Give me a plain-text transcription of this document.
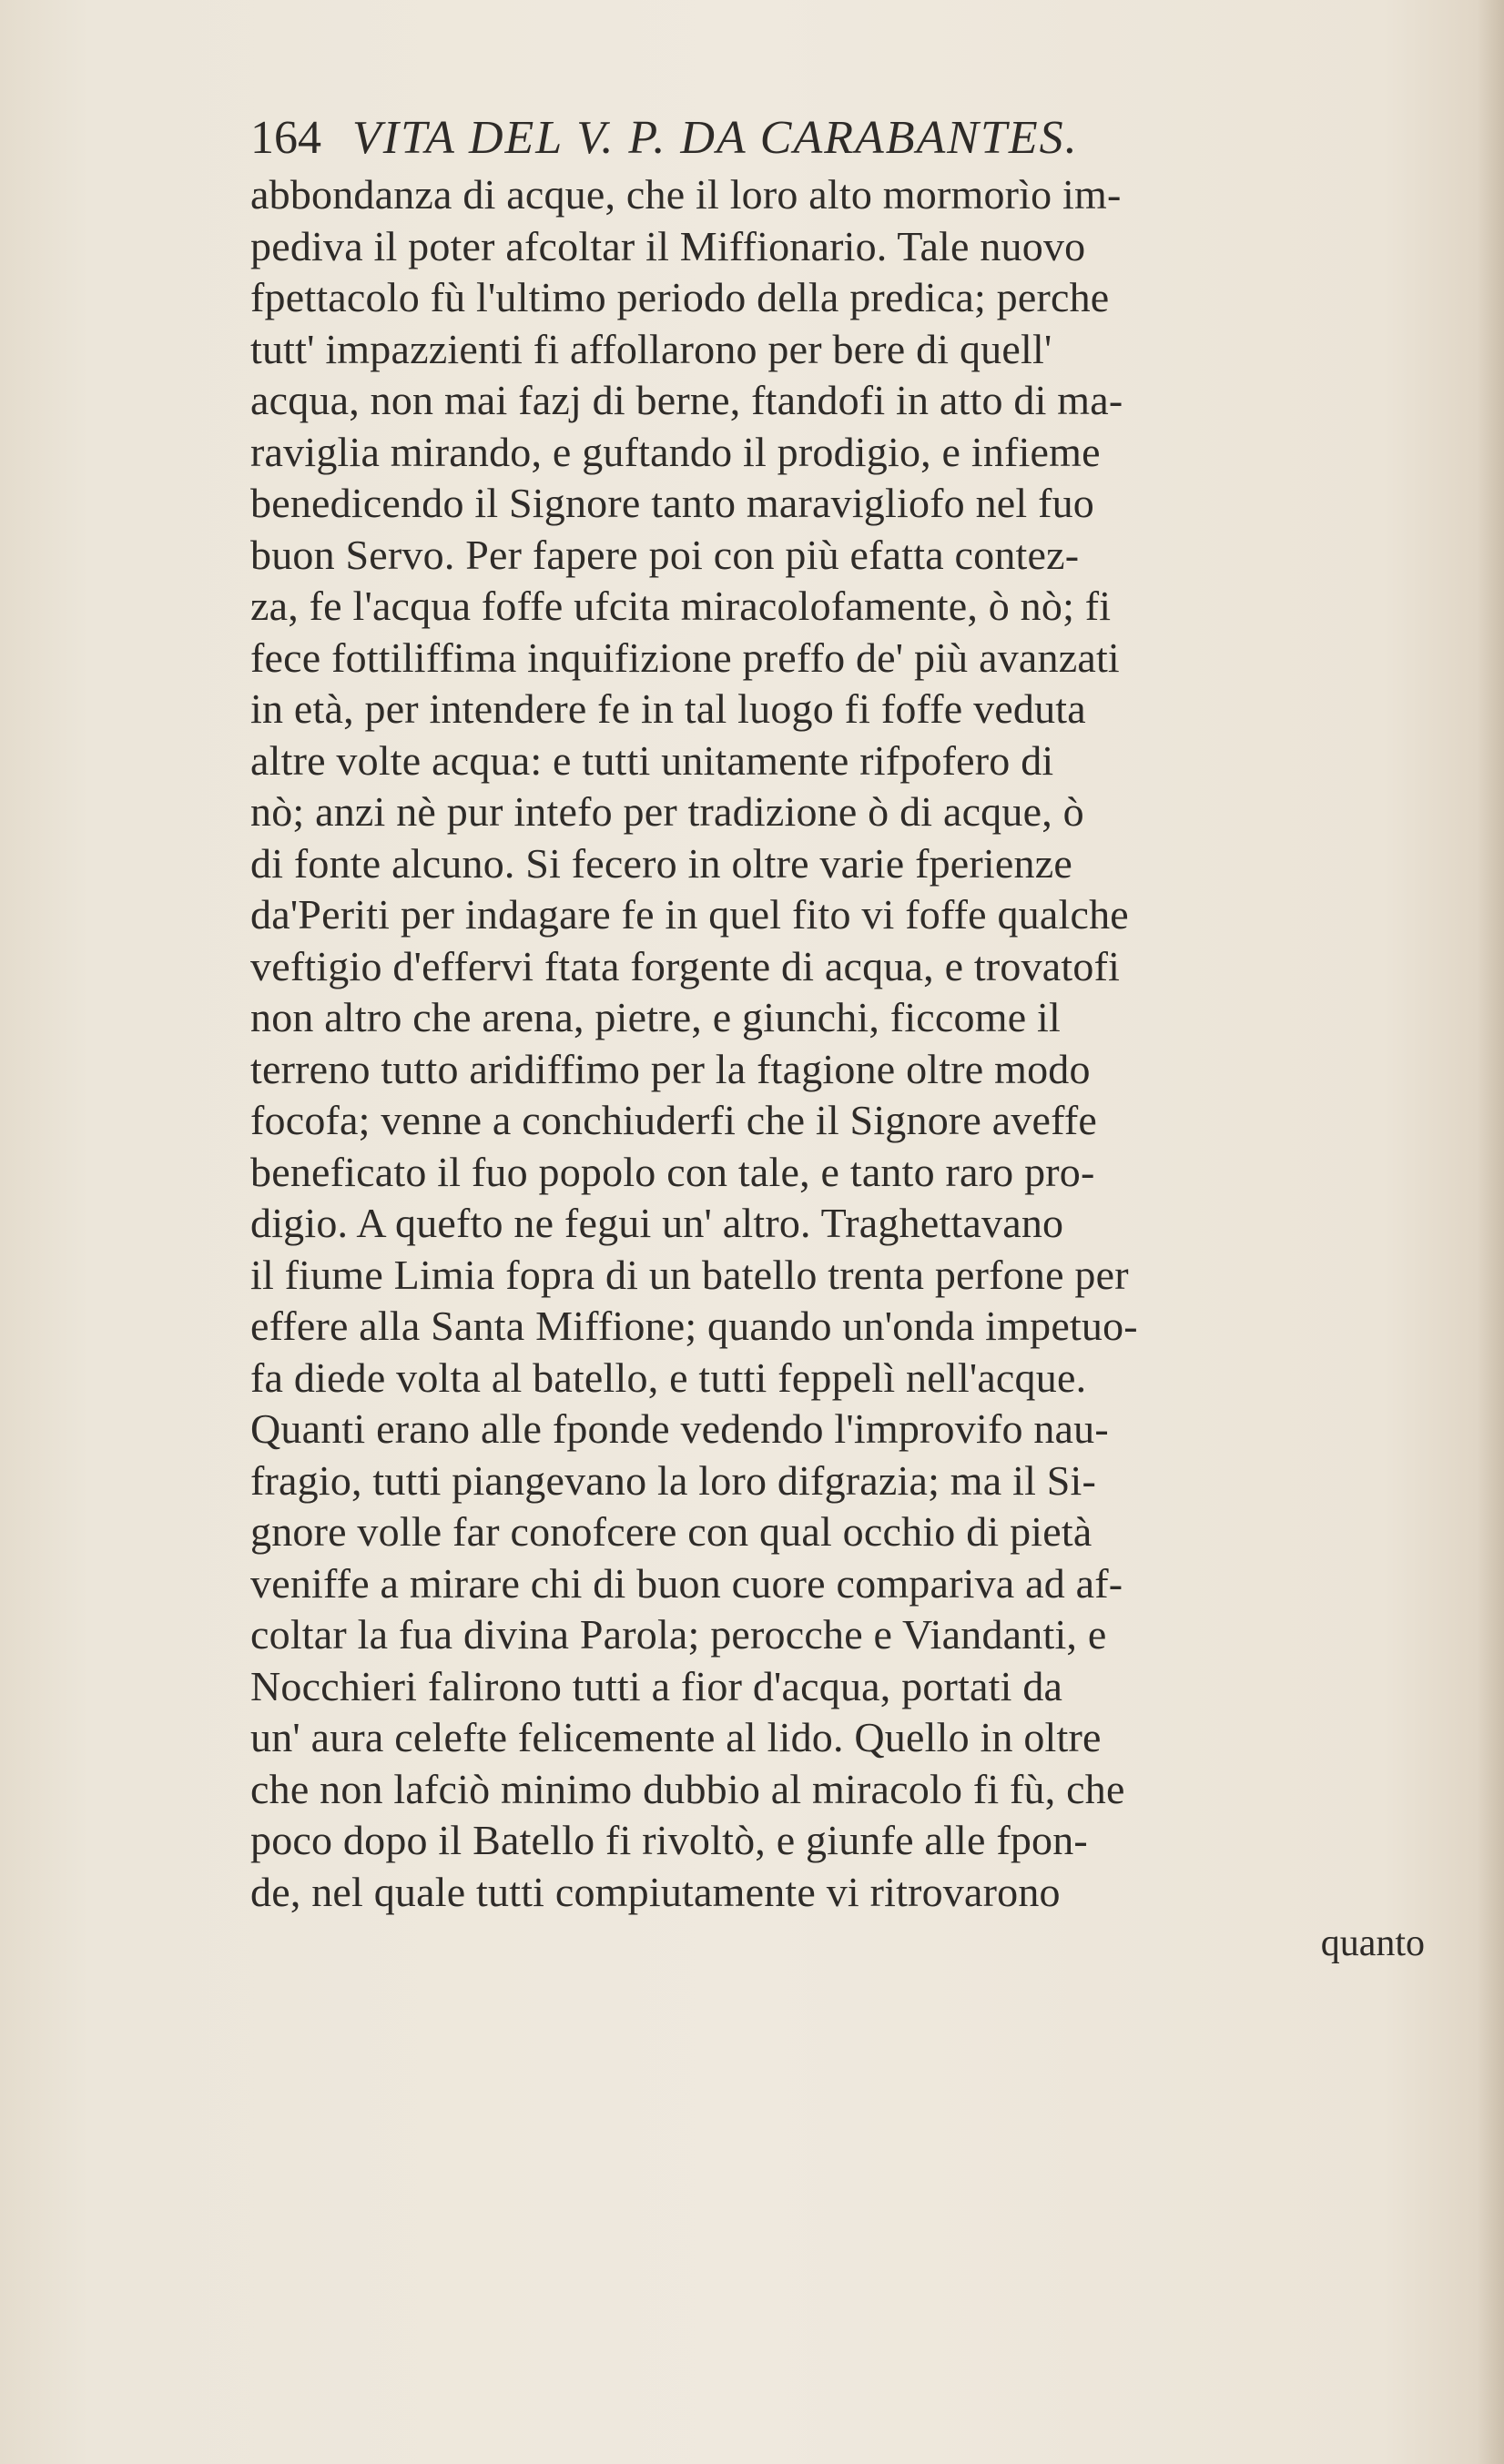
164 VITA DEL V. P. DA CARABANTES.
abbondanza di acque, che il loro alto mormorìo im-
pediva il poter afcoltar il Miffionario. Tale nuovo
fpettacolo fù l'ultimo periodo della predica; perche
tutt' impazzienti fi affollarono per bere di quell'
acqua, non mai fazj di berne, ftandofi in atto di ma-
raviglia mirando, e guftando il prodigio, e infieme
benedicendo il Signore tanto maravigliofo nel fuo
buon Servo. Per fapere poi con più efatta contez-
za, fe l'acqua foffe ufcita miracolofamente, ò nò; fi
fece fottiliffima inquifizione preffo de' più avanzati
in età, per intendere fe in tal luogo fi foffe veduta
altre volte acqua: e tutti unitamente rifpofero di
nò; anzi nè pur intefo per tradizione ò di acque, ò
di fonte alcuno. Si fecero in oltre varie fperienze
da'Periti per indagare fe in quel fito vi foffe qualche
veftigio d'effervi ftata forgente di acqua, e trovatofi
non altro che arena, pietre, e giunchi, ficcome il
terreno tutto aridiffimo per la ftagione oltre modo
focofa; venne a conchiuderfi che il Signore aveffe
beneficato il fuo popolo con tale, e tanto raro pro-
digio. A quefto ne fegui un' altro. Traghettavano
il fiume Limia fopra di un batello trenta perfone per
effere alla Santa Miffione; quando un'onda impetuo-
fa diede volta al batello, e tutti feppelì nell'acque.
Quanti erano alle fponde vedendo l'improvifo nau-
fragio, tutti piangevano la loro difgrazia; ma il Si-
gnore volle far conofcere con qual occhio di pietà
veniffe a mirare chi di buon cuore compariva ad af-
coltar la fua divina Parola; perocche e Viandanti, e
Nocchieri falirono tutti a fior d'acqua, portati da
un' aura celefte felicemente al lido. Quello in oltre
che non lafciò minimo dubbio al miracolo fi fù, che
poco dopo il Batello fi rivoltò, e giunfe alle fpon-
de, nel quale tutti compiutamente vi ritrovarono
quanto
